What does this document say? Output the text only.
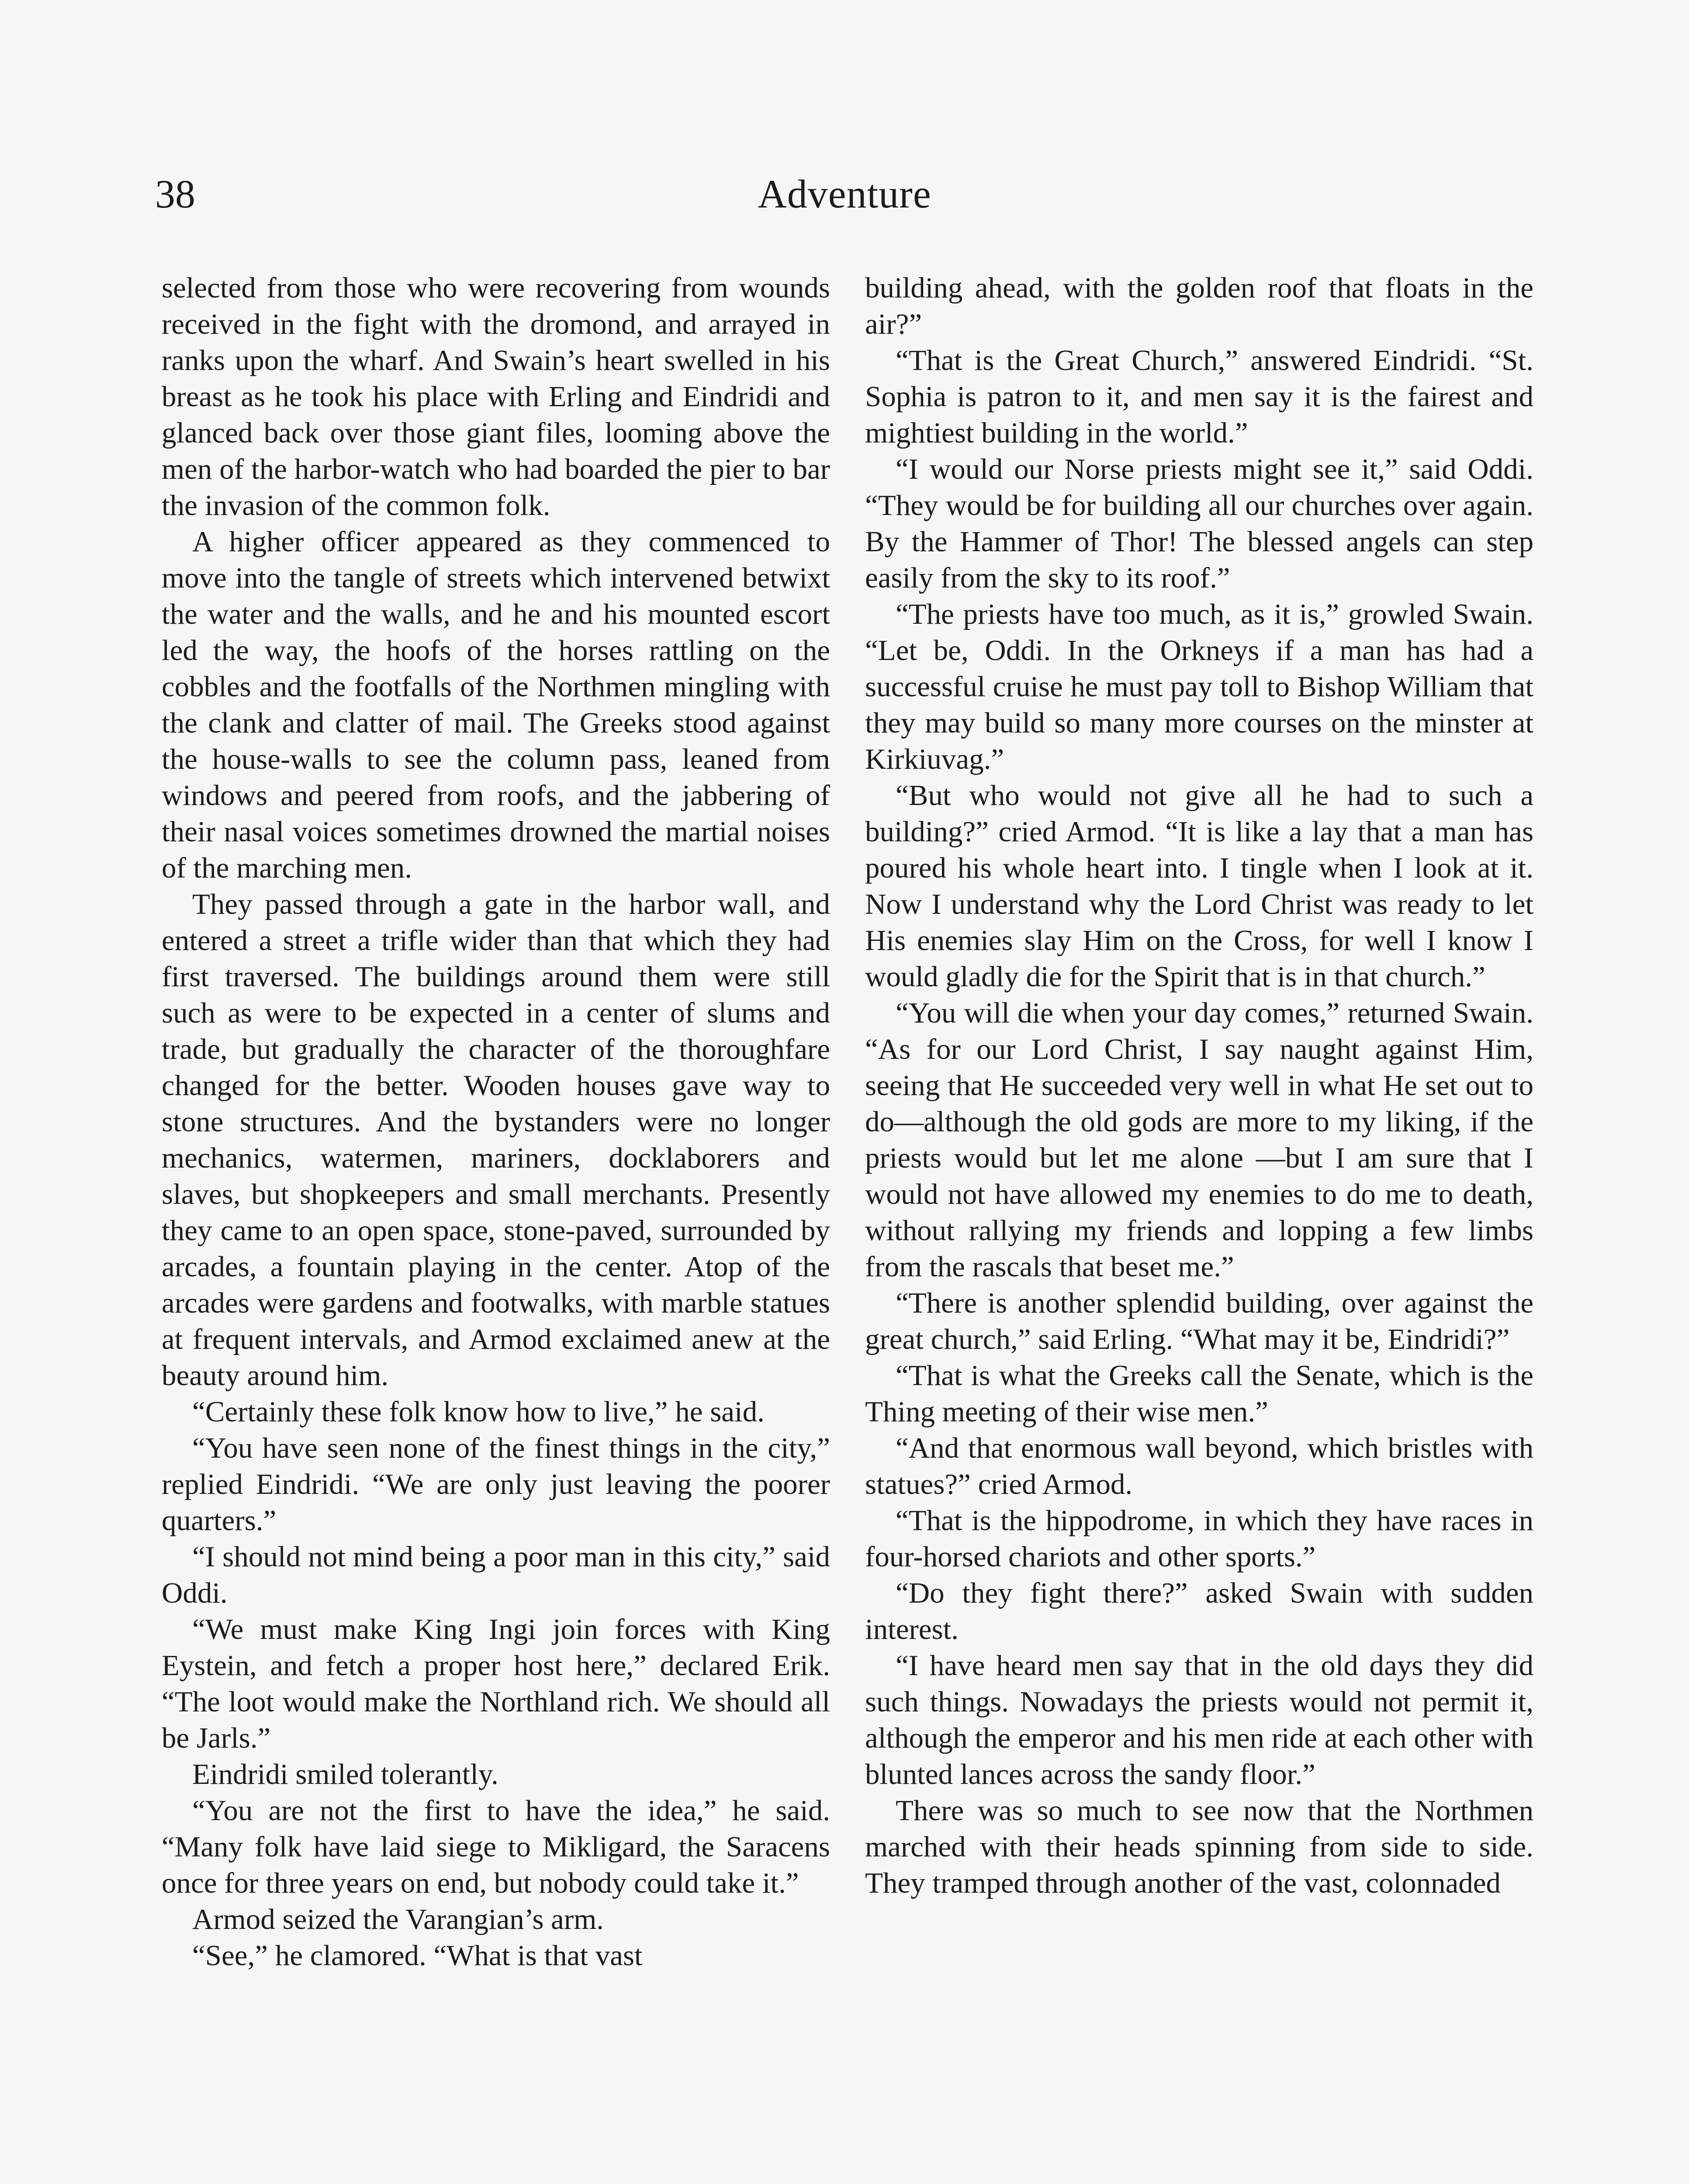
38	Adventure

selected from those who were recovering from wounds received in the fight with the dromond, and arrayed in ranks upon the wharf. And Swain’s heart swelled in his breast as he took his place with Erling and Eindridi and glanced back over those giant files, looming above the men of the harbor-watch who had boarded the pier to bar the invasion of the common folk.

A higher officer appeared as they commenced to move into the tangle of streets which intervened betwixt the water and the walls, and he and his mounted escort led the way, the hoofs of the horses rattling on the cobbles and the footfalls of the Northmen mingling with the clank and clatter of mail. The Greeks stood against the house-walls to see the column pass, leaned from windows and peered from roofs, and the jabbering of their nasal voices sometimes drowned the martial noises of the marching men.

They passed through a gate in the harbor wall, and entered a street a trifle wider than that which they had first traversed. The buildings around them were still such as were to be expected in a center of slums and trade, but gradually the character of the thoroughfare changed for the better. Wooden houses gave way to stone structures. And the bystanders were no longer mechanics, watermen, mariners, docklaborers and slaves, but shopkeepers and small merchants. Presently they came to an open space, stone-paved, surrounded by arcades, a fountain playing in the center. Atop of the arcades were gardens and footwalks, with marble statues at frequent intervals, and Armod exclaimed anew at the beauty around him.

“Certainly these folk know how to live,” he said.

“You have seen none of the finest things in the city,” replied Eindridi. “We are only just leaving the poorer quarters.”

“I should not mind being a poor man in this city,” said Oddi.

“We must make King Ingi join forces with King Eystein, and fetch a proper host here,” declared Erik. “The loot would make the Northland rich. We should all be Jarls.”

Eindridi smiled tolerantly.

“You are not the first to have the idea,” he said. “Many folk have laid siege to Mikligard, the Saracens once for three years on end, but nobody could take it.”

Armod seized the Varangian’s arm.

“See,” he clamored. “What is that vast

building ahead, with the golden roof that floats in the air?”

“That is the Great Church,” answered Eindridi. “St. Sophia is patron to it, and men say it is the fairest and mightiest building in the world.”

“I would our Norse priests might see it,” said Oddi. “They would be for building all our churches over again. By the Hammer of Thor! The blessed angels can step easily from the sky to its roof.”

“The priests have too much, as it is,” growled Swain. “Let be, Oddi. In the Orkneys if a man has had a successful cruise he must pay toll to Bishop William that they may build so many more courses on the minster at Kirkiuvag.”

“But who would not give all he had to such a building?” cried Armod. “It is like a lay that a man has poured his whole heart into. I tingle when I look at it. Now I understand why the Lord Christ was ready to let His enemies slay Him on the Cross, for well I know I would gladly die for the Spirit that is in that church.”

“You will die when your day comes,” returned Swain. “As for our Lord Christ, I say naught against Him, seeing that He succeeded very well in what He set out to do—although the old gods are more to my liking, if the priests would but let me alone —but I am sure that I would not have allowed my enemies to do me to death, without rallying my friends and lopping a few limbs from the rascals that beset me.”

“There is another splendid building, over against the great church,” said Erling. “What may it be, Eindridi?”

“That is what the Greeks call the Senate, which is the Thing meeting of their wise men.”

“And that enormous wall beyond, which bristles with statues?” cried Armod.

“That is the hippodrome, in which they have races in four-horsed chariots and other sports.”

“Do they fight there?” asked Swain with sudden interest.

“I have heard men say that in the old days they did such things. Nowadays the priests would not permit it, although the emperor and his men ride at each other with blunted lances across the sandy floor.”

There was so much to see now that the Northmen marched with their heads spinning from side to side. They tramped through another of the vast, colonnaded
